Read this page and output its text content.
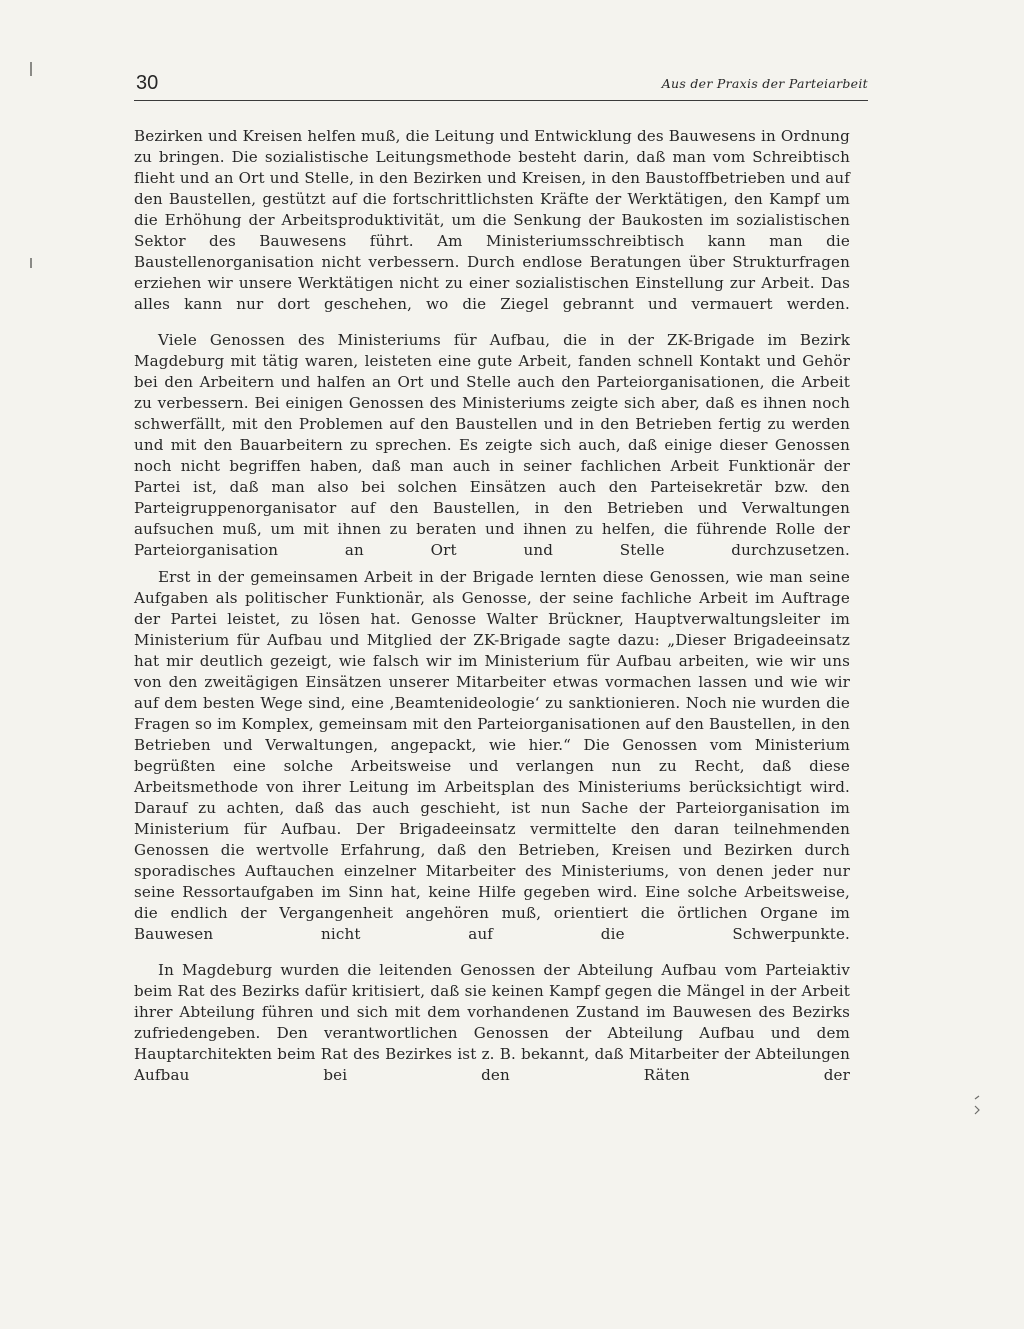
30	Aus der Praxis der Parteiarbeit

Bezirken und Kreisen helfen muß, die Leitung und Entwicklung des Bauwesens in Ordnung zu bringen. Die sozialistische Leitungsmethode besteht darin, daß man vom Schreibtisch flieht und an Ort und Stelle, in den Bezirken und Kreisen, in den Baustoffbetrieben und auf den Baustellen, gestützt auf die fortschrittlichsten Kräfte der Werktätigen, den Kampf um die Erhöhung der Arbeitsproduktivität, um die Senkung der Baukosten im sozialistischen Sektor des Bauwesens führt. Am Ministeriumsschreibtisch kann man die Baustellenorganisation nicht verbessern. Durch endlose Beratungen über Strukturfragen erziehen wir unsere Werktätigen nicht zu einer sozialistischen Einstellung zur Arbeit. Das alles kann nur dort geschehen, wo die Ziegel gebrannt und vermauert werden.

Viele Genossen des Ministeriums für Aufbau, die in der ZK-Brigade im Bezirk Magdeburg mit tätig waren, leisteten eine gute Arbeit, fanden schnell Kontakt und Gehör bei den Arbeitern und halfen an Ort und Stelle auch den Parteiorganisationen, die Arbeit zu verbessern. Bei einigen Genossen des Ministeriums zeigte sich aber, daß es ihnen noch schwerfällt, mit den Problemen auf den Baustellen und in den Betrieben fertig zu werden und mit den Bauarbeitern zu sprechen. Es zeigte sich auch, daß einige dieser Genossen noch nicht begriffen haben, daß man auch in seiner fachlichen Arbeit Funktionär der Partei ist, daß man also bei solchen Einsätzen auch den Parteisekretär bzw. den Parteigruppenorganisator auf den Baustellen, in den Betrieben und Verwaltungen aufsuchen muß, um mit ihnen zu beraten und ihnen zu helfen, die führende Rolle der Parteiorganisation an Ort und Stelle durchzusetzen.

Erst in der gemeinsamen Arbeit in der Brigade lernten diese Genossen, wie man seine Aufgaben als politischer Funktionär, als Genosse, der seine fachliche Arbeit im Auftrage der Partei leistet, zu lösen hat. Genosse Walter Brückner, Hauptverwaltungsleiter im Ministerium für Aufbau und Mitglied der ZK-Brigade sagte dazu: „Dieser Brigadeeinsatz hat mir deutlich gezeigt, wie falsch wir im Ministerium für Aufbau arbeiten, wie wir uns von den zweitägigen Einsätzen unserer Mitarbeiter etwas vormachen lassen und wie wir auf dem besten Wege sind, eine ‚Beamtenideologie‘ zu sanktionieren. Noch nie wurden die Fragen so im Komplex, gemeinsam mit den Parteiorganisationen auf den Baustellen, in den Betrieben und Verwaltungen, angepackt, wie hier.“ Die Genossen vom Ministerium begrüßten eine solche Arbeitsweise und verlangen nun zu Recht, daß diese Arbeitsmethode von ihrer Leitung im Arbeitsplan des Ministeriums berücksichtigt wird. Darauf zu achten, daß das auch geschieht, ist nun Sache der Parteiorganisation im Ministerium für Aufbau. Der Brigadeeinsatz vermittelte den daran teilnehmenden Genossen die wertvolle Erfahrung, daß den Betrieben, Kreisen und Bezirken durch sporadisches Auftauchen einzelner Mitarbeiter des Ministeriums, von denen jeder nur seine Ressortaufgaben im Sinn hat, keine Hilfe gegeben wird. Eine solche Arbeitsweise, die endlich der Vergangenheit angehören muß, orientiert die örtlichen Organe im Bauwesen nicht auf die Schwerpunkte.

In Magdeburg wurden die leitenden Genossen der Abteilung Aufbau vom Parteiaktiv beim Rat des Bezirks dafür kritisiert, daß sie keinen Kampf gegen die Mängel in der Arbeit ihrer Abteilung führen und sich mit dem vorhandenen Zustand im Bauwesen des Bezirks zufriedengeben. Den verantwortlichen Genossen der Abteilung Aufbau und dem Hauptarchitekten beim Rat des Bezirkes ist z. B. bekannt, daß Mitarbeiter der Abteilungen Aufbau bei den Räten der
